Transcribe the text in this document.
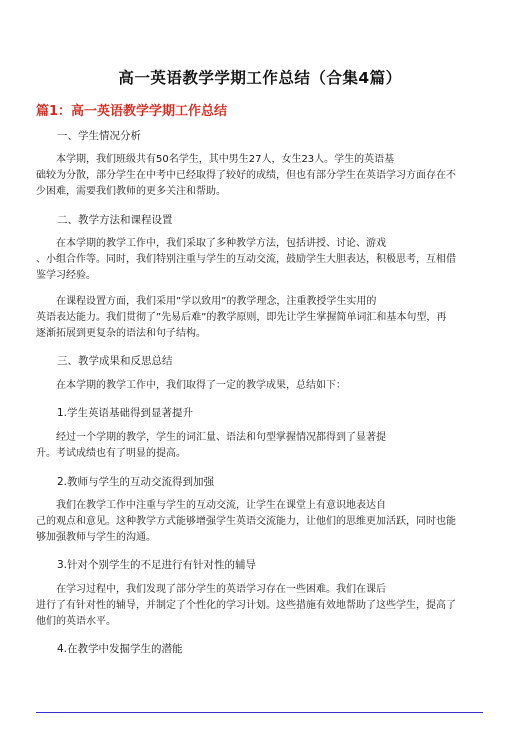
高一英语教学学期工作总结（合集4篇）
篇1：高一英语教学学期工作总结
一、学生情况分析
本学期，我们班级共有50名学生，其中男生27人，女生23人。学生的英语基
础较为分散，部分学生在中考中已经取得了较好的成绩，但也有部分学生在英语学习方面存在不
少困难，需要我们教师的更多关注和帮助。
二、教学方法和课程设置
在本学期的教学工作中，我们采取了多种教学方法，包括讲授、讨论、游戏
、小组合作等。同时，我们特别注重与学生的互动交流，鼓励学生大胆表达，积极思考，互相借
鉴学习经验。
在课程设置方面，我们采用”学以致用”的教学理念，注重教授学生实用的
英语表达能力。我们贯彻了”先易后难”的教学原则，即先让学生掌握简单词汇和基本句型，再
逐渐拓展到更复杂的语法和句子结构。
三、教学成果和反思总结
在本学期的教学工作中，我们取得了一定的教学成果，总结如下：
1.学生英语基础得到显著提升
经过一个学期的教学，学生的词汇量、语法和句型掌握情况都得到了显著提
升。考试成绩也有了明显的提高。
2.教师与学生的互动交流得到加强
我们在教学工作中注重与学生的互动交流，让学生在课堂上有意识地表达自
己的观点和意见。这种教学方式能够增强学生英语交流能力，让他们的思维更加活跃，同时也能
够加强教师与学生的沟通。
3.针对个别学生的不足进行有针对性的辅导
在学习过程中，我们发现了部分学生的英语学习存在一些困难。我们在课后
进行了有针对性的辅导，并制定了个性化的学习计划。这些措施有效地帮助了这些学生，提高了
他们的英语水平。
4.在教学中发掘学生的潜能
